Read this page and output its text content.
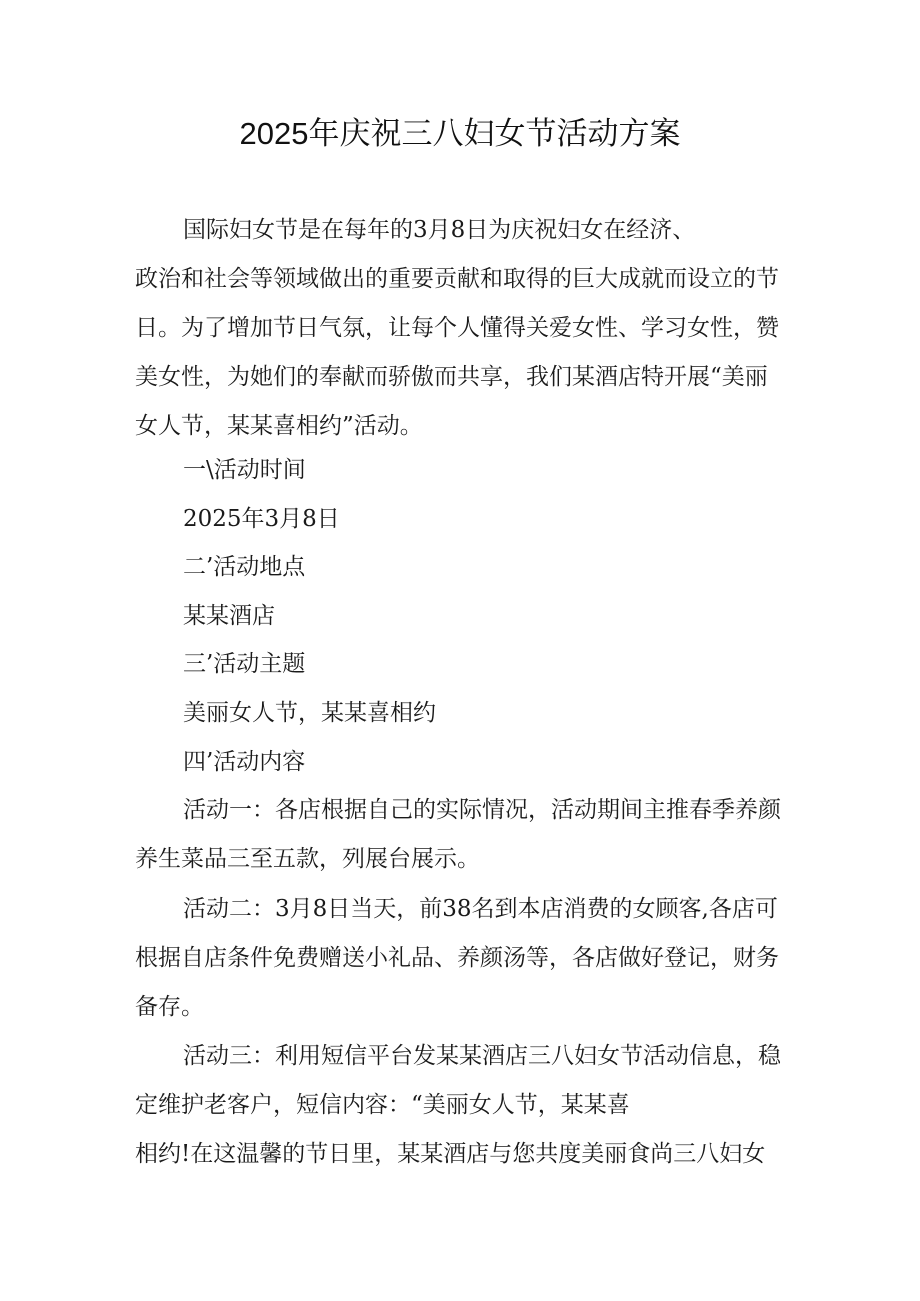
2025年庆祝三八妇女节活动方案
国际妇女节是在每年的3月8日为庆祝妇女在经济、
政治和社会等领域做出的重要贡献和取得的巨大成就而设立的节
日。为了增加节日气氛，让每个人懂得关爱女性、学习女性，赞
美女性，为她们的奉献而骄傲而共享，我们某酒店特开展“美丽
女人节，某某喜相约”活动。
一\活动时间
2025年3月8日
二’活动地点
某某酒店
三’活动主题
美丽女人节，某某喜相约
四’活动内容
活动一：各店根据自己的实际情况，活动期间主推春季养颜
养生菜品三至五款，列展台展示。
活动二：3月8日当天，前38名到本店消费的女顾客,各店可
根据自店条件免费赠送小礼品、养颜汤等，各店做好登记，财务
备存。
活动三：利用短信平台发某某酒店三八妇女节活动信息，稳
定维护老客户，短信内容：“美丽女人节，某某喜
相约!在这温馨的节日里，某某酒店与您共度美丽食尚三八妇女
